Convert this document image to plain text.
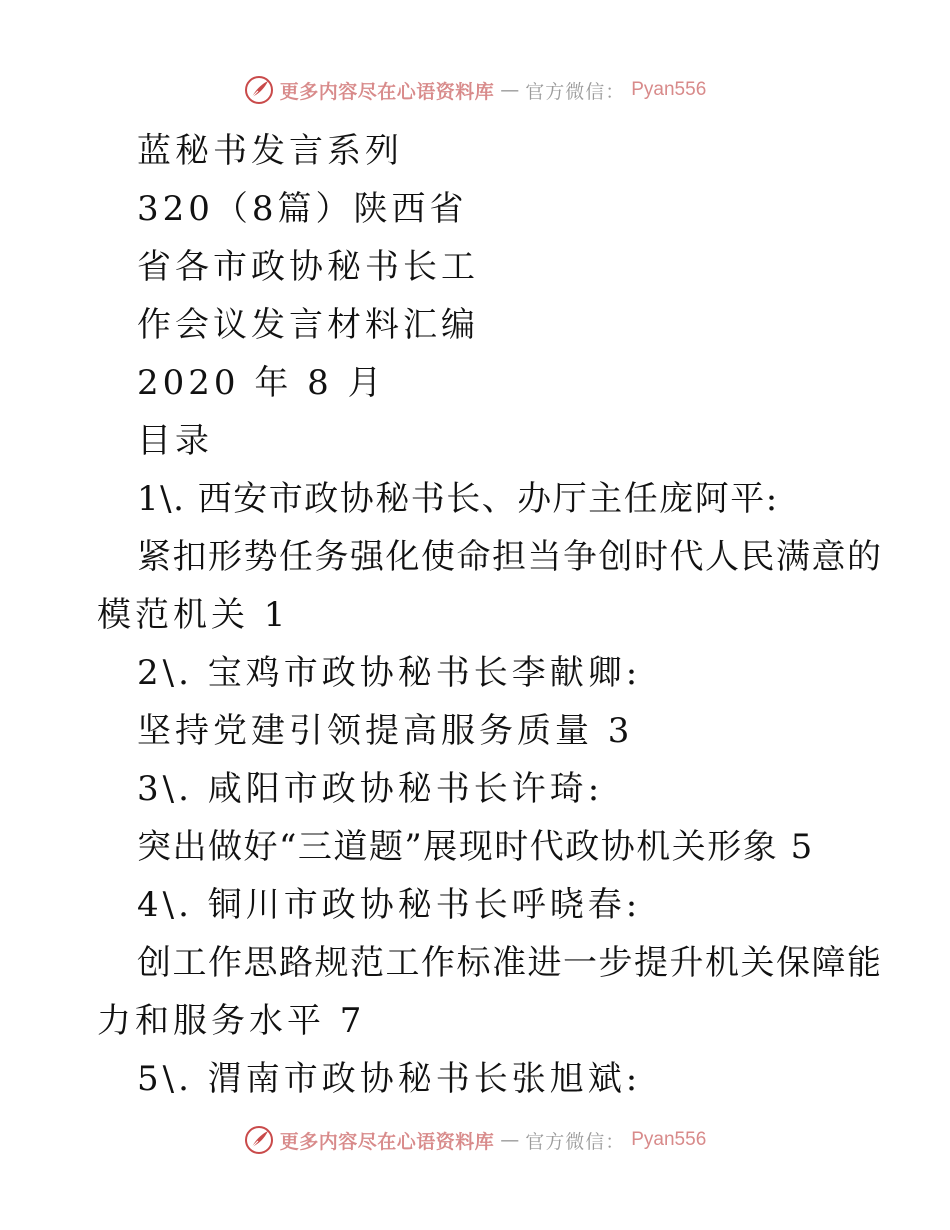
更多内容尽在心语资料库 — 官方微信： Pyan556
蓝秘书发言系列
320（8篇）陕西省
省各市政协秘书长工
作会议发言材料汇编
2020 年 8 月
目录
1\. 西安市政协秘书长、办厅主任庞阿平:
紧扣形势任务强化使命担当争创时代人民满意的
模范机关 1
2\. 宝鸡市政协秘书长李献卿:
坚持党建引领提高服务质量 3
3\. 咸阳市政协秘书长许琦:
突出做好“三道题”展现时代政协机关形象 5
4\. 铜川市政协秘书长呼晓春:
创工作思路规范工作标准进一步提升机关保障能
力和服务水平 7
5\. 渭南市政协秘书长张旭斌:
更多内容尽在心语资料库 — 官方微信： Pyan556
